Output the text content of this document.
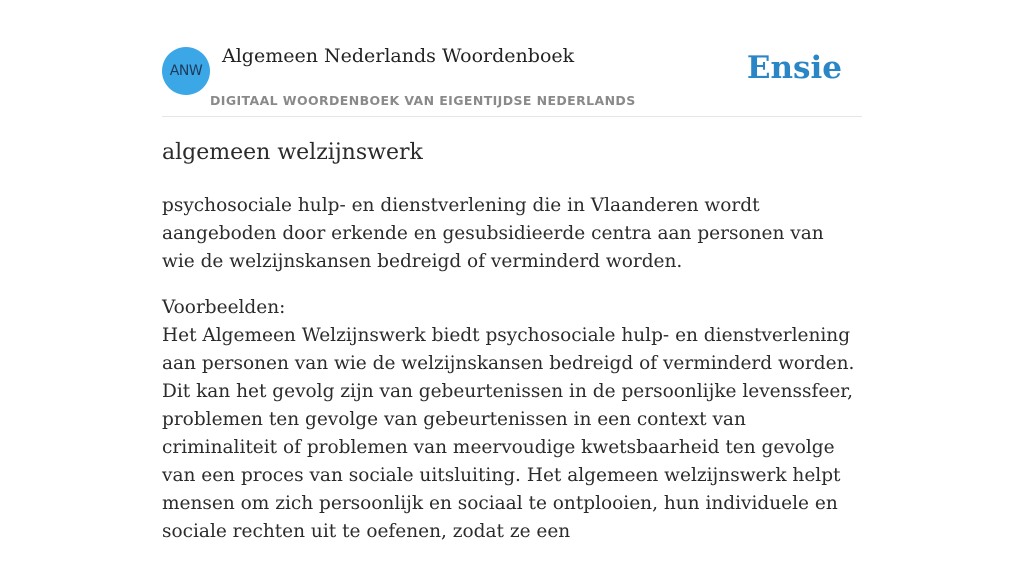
ANW
Algemeen Nederlands Woordenboek
DIGITAAL WOORDENBOEK VAN EIGENTIJDSE NEDERLANDS
Ensie
algemeen welzijnswerk

psychosociale hulp- en dienstverlening die in Vlaanderen wordt aangeboden door erkende en gesubsidieerde centra aan personen van wie de welzijnskansen bedreigd of verminderd worden.

Voorbeelden:
Het Algemeen Welzijnswerk biedt psychosociale hulp- en dienstverlening aan personen van wie de welzijnskansen bedreigd of verminderd worden. Dit kan het gevolg zijn van gebeurtenissen in de persoonlijke levenssfeer, problemen ten gevolge van gebeurtenissen in een context van criminaliteit of problemen van meervoudige kwetsbaarheid ten gevolge van een proces van sociale uitsluiting. Het algemeen welzijnswerk helpt mensen om zich persoonlijk en sociaal te ontplooien, hun individuele en sociale rechten uit te oefenen, zodat ze een
